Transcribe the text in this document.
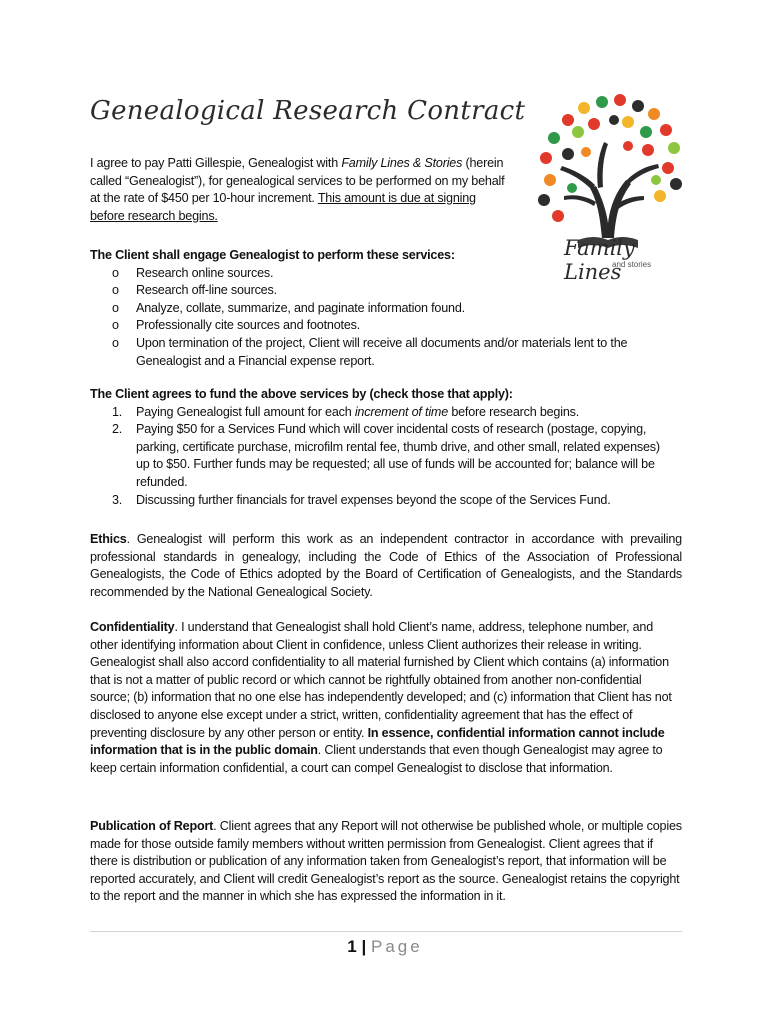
Genealogical Research Contract
Family Lines
and stories

I agree to pay Patti Gillespie, Genealogist with Family Lines & Stories (herein called “Genealogist”), for genealogical services to be performed on my behalf at the rate of $450 per 10-hour increment. This amount is due at signing before research begins.

The Client shall engage Genealogist to perform these services:
o Research online sources.
o Research off-line sources.
o Analyze, collate, summarize, and paginate information found.
o Professionally cite sources and footnotes.
o Upon termination of the project, Client will receive all documents and/or materials lent to the Genealogist and a Financial expense report.
The Client agrees to fund the above services by (check those that apply):
1. Paying Genealogist full amount for each increment of time before research begins.
2. Paying $50 for a Services Fund which will cover incidental costs of research (postage, copying, parking, certificate purchase, microfilm rental fee, thumb drive, and other small, related expenses) up to $50. Further funds may be requested; all use of funds will be accounted for; balance will be refunded.
3. Discussing further financials for travel expenses beyond the scope of the Services Fund.

Ethics. Genealogist will perform this work as an independent contractor in accordance with prevailing professional standards in genealogy, including the Code of Ethics of the Association of Professional Genealogists, the Code of Ethics adopted by the Board of Certification of Genealogists, and the Standards recommended by the National Genealogical Society.

Confidentiality. I understand that Genealogist shall hold Client’s name, address, telephone number, and other identifying information about Client in confidence, unless Client authorizes their release in writing. Genealogist shall also accord confidentiality to all material furnished by Client which contains (a) information that is not a matter of public record or which cannot be rightfully obtained from another non-confidential source; (b) information that no one else has independently developed; and (c) information that Client has not disclosed to anyone else except under a strict, written, confidentiality agreement that has the effect of preventing disclosure by any other person or entity. In essence, confidential information cannot include information that is in the public domain. Client understands that even though Genealogist may agree to keep certain information confidential, a court can compel Genealogist to disclose that information.

Publication of Report. Client agrees that any Report will not otherwise be published whole, or multiple copies made for those outside family members without written permission from Genealogist. Client agrees that if there is distribution or publication of any information taken from Genealogist’s report, that information will be reported accurately, and Client will credit Genealogist’s report as the source. Genealogist retains the copyright to the report and the manner in which she has expressed the information in it.

1 | Page
